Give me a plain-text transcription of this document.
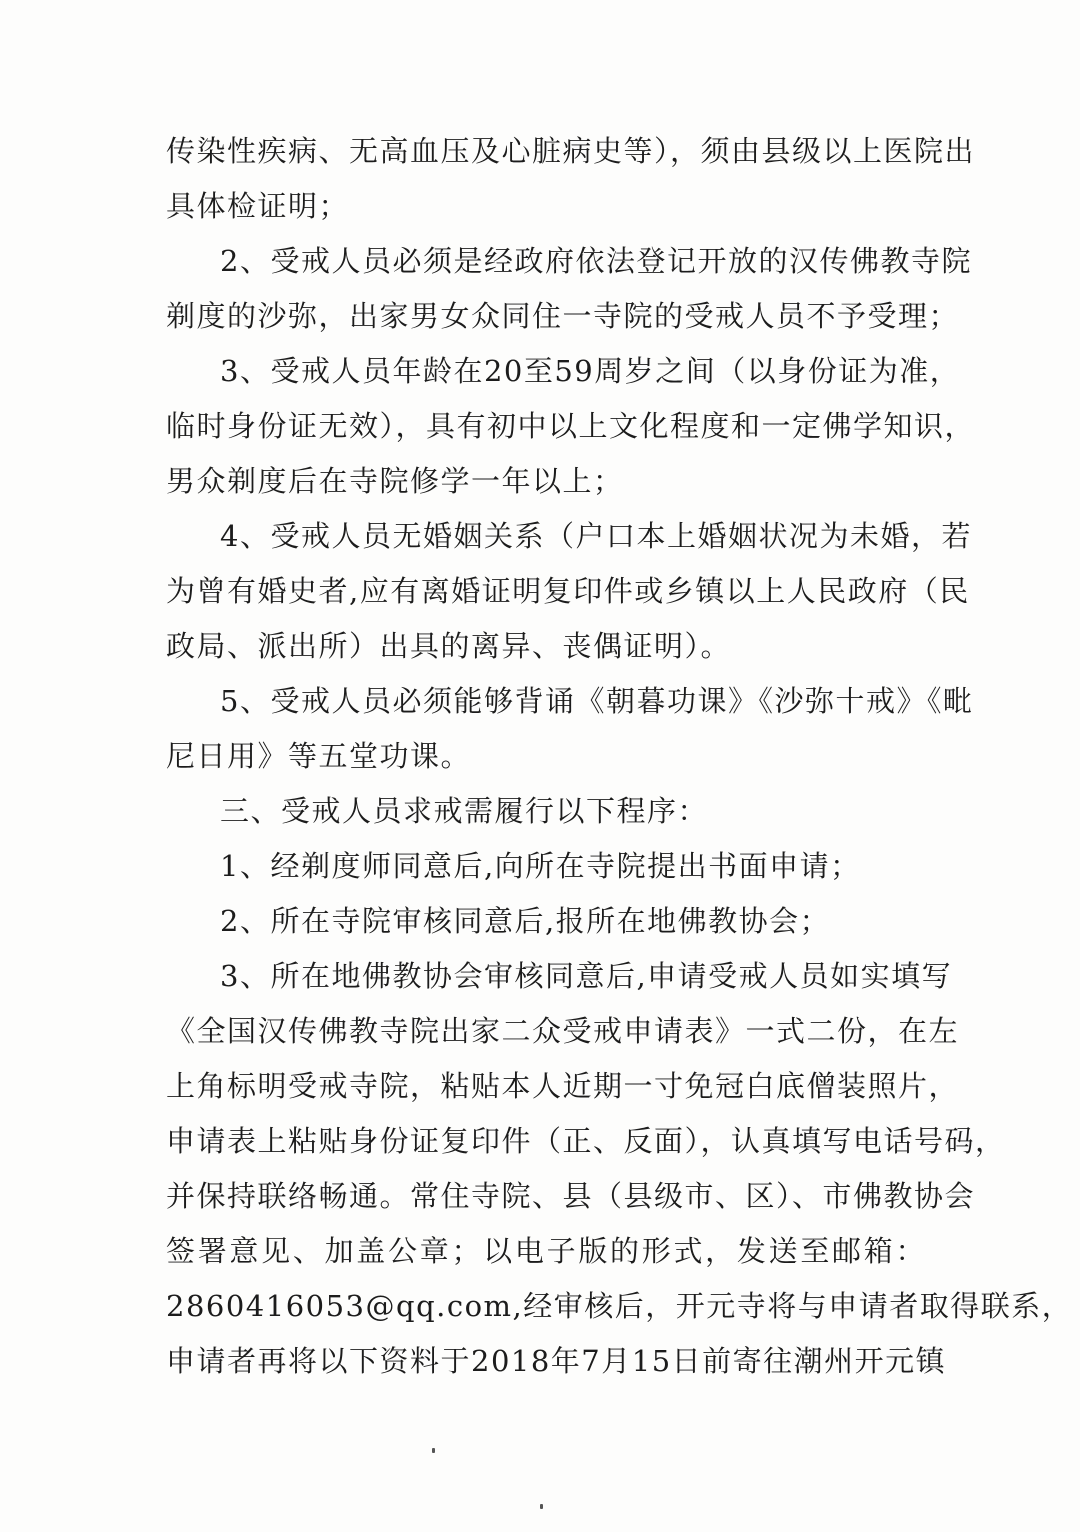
传染性疾病、无高血压及心脏病史等），须由县级以上医院出
具体检证明；
2、受戒人员必须是经政府依法登记开放的汉传佛教寺院
剃度的沙弥，出家男女众同住一寺院的受戒人员不予受理；
3、受戒人员年龄在20至59周岁之间（以身份证为准，
临时身份证无效），具有初中以上文化程度和一定佛学知识，
男众剃度后在寺院修学一年以上；
4、受戒人员无婚姻关系（户口本上婚姻状况为未婚，若
为曾有婚史者,应有离婚证明复印件或乡镇以上人民政府（民
政局、派出所）出具的离异、丧偶证明）。
5、受戒人员必须能够背诵《朝暮功课》《沙弥十戒》《毗
尼日用》等五堂功课。
三、受戒人员求戒需履行以下程序：
1、经剃度师同意后,向所在寺院提出书面申请；
2、所在寺院审核同意后,报所在地佛教协会；
3、所在地佛教协会审核同意后,申请受戒人员如实填写
《全国汉传佛教寺院出家二众受戒申请表》一式二份，在左
上角标明受戒寺院，粘贴本人近期一寸免冠白底僧装照片，
申请表上粘贴身份证复印件（正、反面），认真填写电话号码，
并保持联络畅通。常住寺院、县（县级市、区）、市佛教协会
签署意见、加盖公章；以电子版的形式，发送至邮箱：
2860416053@qq.com,经审核后，开元寺将与申请者取得联系，
申请者再将以下资料于2018年7月15日前寄往潮州开元镇
